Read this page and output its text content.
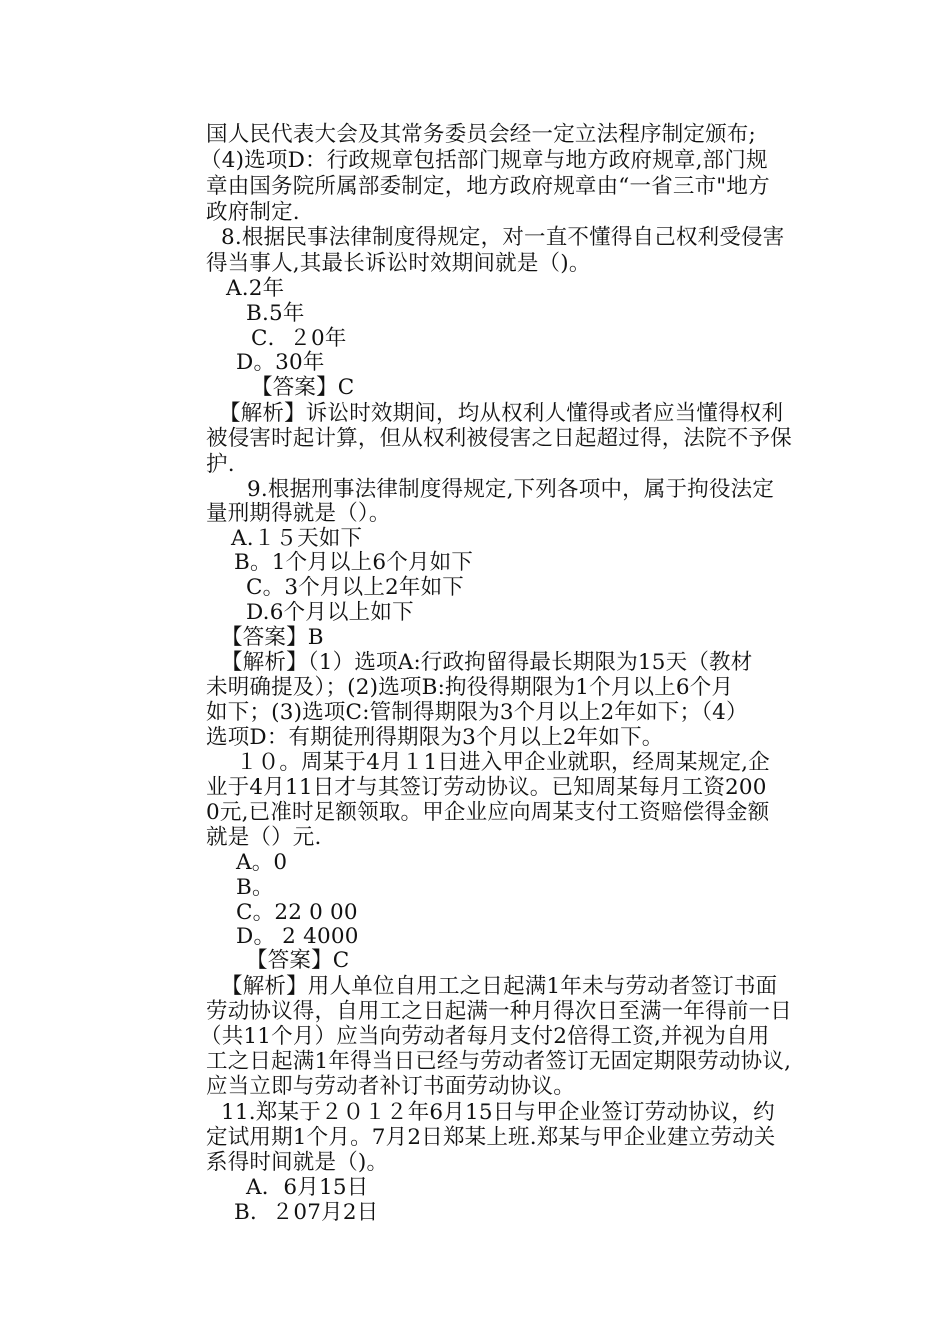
国人民代表大会及其常务委员会经一定立法程序制定颁布;
（4)选项D：行政规章包括部门规章与地方政府规章,部门规
章由国务院所属部委制定，地方政府规章由“一省三市"地方
政府制定.
8.根据民事法律制度得规定，对一直不懂得自己权利受侵害
得当事人,其最长诉讼时效期间就是（)。
A.2年
B.5年
C．２0年
D。30年
【答案】C
【解析】诉讼时效期间，均从权利人懂得或者应当懂得权利
被侵害时起计算，但从权利被侵害之日起超过得，法院不予保
护.
9.根据刑事法律制度得规定,下列各项中，属于拘役法定
量刑期得就是（）。
A.１５天如下
B。1个月以上6个月如下
C。3个月以上2年如下
D.6个月以上如下
【答案】B
【解析】（1）选项A:行政拘留得最长期限为15天（教材
未明确提及）；(2)选项B:拘役得期限为1个月以上6个月
如下；(3)选项C:管制得期限为3个月以上2年如下；（4）
选项D：有期徒刑得期限为3个月以上2年如下。
１０。周某于4月１1日进入甲企业就职，经周某规定,企
业于4月11日才与其签订劳动协议。已知周某每月工资200
0元,已准时足额领取。甲企业应向周某支付工资赔偿得金额
就是（）元.
A。0
B。
C。22 0 00
D。 2 4000
【答案】C
【解析】用人单位自用工之日起满1年未与劳动者签订书面
劳动协议得，自用工之日起满一种月得次日至满一年得前一日
（共11个月）应当向劳动者每月支付2倍得工资,并视为自用
工之日起满1年得当日已经与劳动者签订无固定期限劳动协议,
应当立即与劳动者补订书面劳动协议。
11.郑某于２０１２年6月15日与甲企业签订劳动协议，约
定试用期1个月。7月2日郑某上班.郑某与甲企业建立劳动关
系得时间就是（)。
A．6月15日
B．２07月2日
